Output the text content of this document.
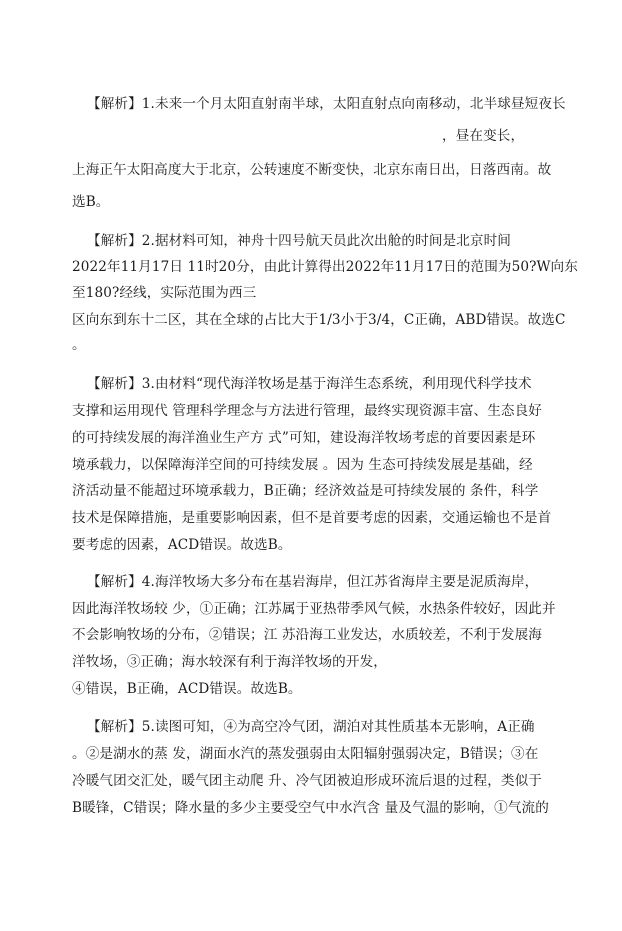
【解析】1.未来一个月太阳直射南半球，太阳直射点向南移动，北半球昼短夜长
，昼在变长，
上海正午太阳高度大于北京，公转速度不断变快，北京东南日出，日落西南。故
选B。
【解析】2.据材料可知，神舟十四号航天员此次出舱的时间是北京时间
2022年11月17日 11时20分，由此计算得出2022年11月17日的范围为50?W向东
至180?经线，实际范围为西三
区向东到东十二区，其在全球的占比大于1/3小于3/4，C正确，ABD错误。故选C
。
【解析】3.由材料“现代海洋牧场是基于海洋生态系统，利用现代科学技术
支撑和运用现代 管理科学理念与方法进行管理，最终实现资源丰富、生态良好
的可持续发展的海洋渔业生产方 式”可知，建设海洋牧场考虑的首要因素是环
境承载力，以保障海洋空间的可持续发展 。因为 生态可持续发展是基础，经
济活动量不能超过环境承载力，B正确；经济效益是可持续发展的 条件，科学
技术是保障措施，是重要影响因素，但不是首要考虑的因素，交通运输也不是首
要考虑的因素，ACD错误。故选B。
【解析】4.海洋牧场大多分布在基岩海岸，但江苏省海岸主要是泥质海岸，
因此海洋牧场较 少，①正确；江苏属于亚热带季风气候，水热条件较好，因此并
不会影响牧场的分布，②错误；江 苏沿海工业发达，水质较差，不利于发展海
洋牧场，③正确；海水较深有利于海洋牧场的开发，
④错误，B正确，ACD错误。故选B。
【解析】5.读图可知，④为高空冷气团，湖泊对其性质基本无影响，A正确
。②是湖水的蒸 发，湖面水汽的蒸发强弱由太阳辐射强弱决定，B错误；③在
冷暖气团交汇处，暖气团主动爬 升、冷气团被迫形成环流后退的过程，类似于
B暖锋，C错误；降水量的多少主要受空气中水汽含 量及气温的影响，①气流的
